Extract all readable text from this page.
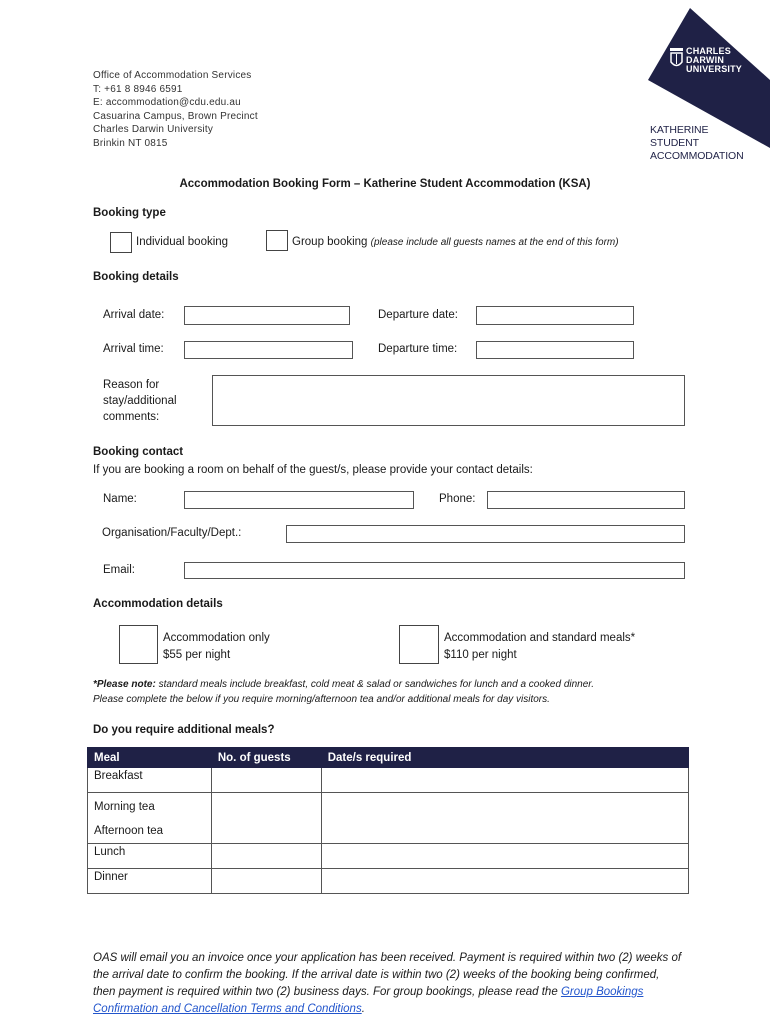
Office of Accommodation Services
T: +61 8 8946 6591
E: accommodation@cdu.edu.au
Casuarina Campus, Brown Precinct
Charles Darwin University
Brinkin NT 0815
CHARLES
DARWIN
UNIVERSITY
KATHERINE
STUDENT
ACCOMMODATION
Accommodation Booking Form – Katherine Student Accommodation (KSA)
Booking type
Individual booking	Group booking (please include all guests names at the end of this form)
Booking details
Arrival date:	Departure date:
Arrival time:	Departure time:
Reason for
stay/additional
comments:
Booking contact
If you are booking a room on behalf of the guest/s, please provide your contact details:
Name:	Phone:
Organisation/Faculty/Dept.:
Email:
Accommodation details
Accommodation only
$55 per night
Accommodation and standard meals*
$110 per night
*Please note: standard meals include breakfast, cold meat & salad or sandwiches for lunch and a cooked dinner.
Please complete the below if you require morning/afternoon tea and/or additional meals for day visitors.
Do you require additional meals?
Meal	No. of guests	Date/s required
Breakfast		

Morning tea
Afternoon tea		

Lunch		
Dinner		
OAS will email you an invoice once your application has been received. Payment is required within two (2) weeks of the arrival date to confirm the booking. If the arrival date is within two (2) weeks of the booking being confirmed, then payment is required within two (2) business days. For group bookings, please read the Group Bookings Confirmation and Cancellation Terms and Conditions.
